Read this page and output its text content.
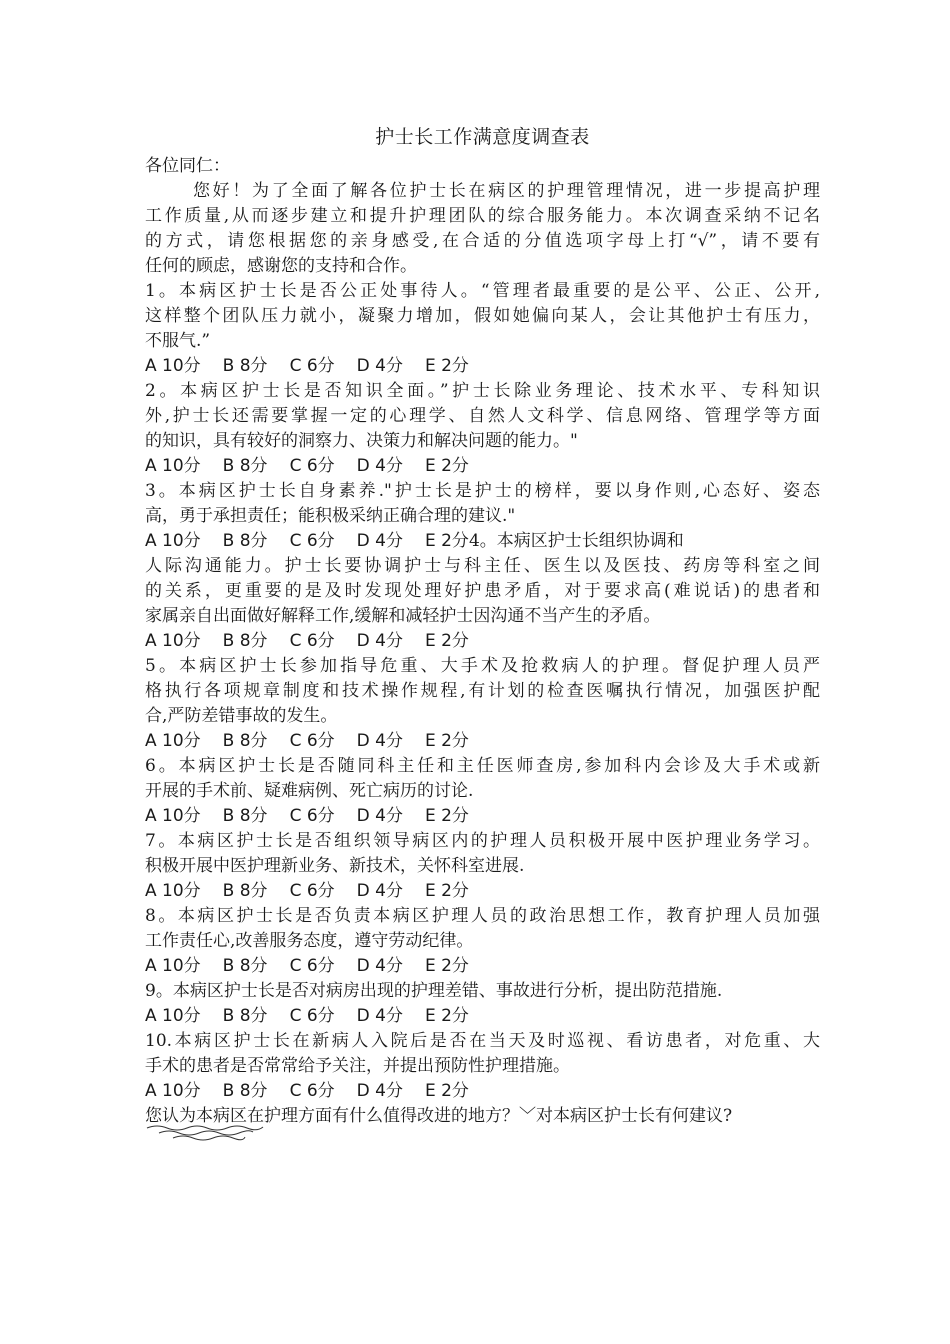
护士长工作满意度调查表
各位同仁：
您好！为了全面了解各位护士长在病区的护理管理情况，进一步提高护理
工作质量,从而逐步建立和提升护理团队的综合服务能力。本次调查采纳不记名
的方式，请您根据您的亲身感受,在合适的分值选项字母上打“√”，请不要有
任何的顾虑，感谢您的支持和合作。
1。本病区护士长是否公正处事待人。“管理者最重要的是公平、公正、公开,
这样整个团队压力就小，凝聚力增加，假如她偏向某人，会让其他护士有压力，
不服气.”
A 10分 B 8分 C 6分 D 4分 E 2分
2。本病区护士长是否知识全面。”护士长除业务理论、技术水平、专科知识
外,护士长还需要掌握一定的心理学、自然人文科学、信息网络、管理学等方面
的知识，具有较好的洞察力、决策力和解决问题的能力。"
A 10分 B 8分 C 6分 D 4分 E 2分
3。本病区护士长自身素养."护士长是护士的榜样，要以身作则,心态好、姿态
高，勇于承担责任；能积极采纳正确合理的建议."
A 10分 B 8分 C 6分 D 4分 E 2分4。本病区护士长组织协调和
人际沟通能力。护士长要协调护士与科主任、医生以及医技、药房等科室之间
的关系，更重要的是及时发现处理好护患矛盾，对于要求高(难说话)的患者和
家属亲自出面做好解释工作,缓解和减轻护士因沟通不当产生的矛盾。
A 10分 B 8分 C 6分 D 4分 E 2分
5。本病区护士长参加指导危重、大手术及抢救病人的护理。督促护理人员严
格执行各项规章制度和技术操作规程,有计划的检查医嘱执行情况，加强医护配
合,严防差错事故的发生。
A 10分 B 8分 C 6分 D 4分 E 2分
6。本病区护士长是否随同科主任和主任医师查房,参加科内会诊及大手术或新
开展的手术前、疑难病例、死亡病历的讨论.
A 10分 B 8分 C 6分 D 4分 E 2分
7。本病区护士长是否组织领导病区内的护理人员积极开展中医护理业务学习。
积极开展中医护理新业务、新技术，关怀科室进展.
A 10分 B 8分 C 6分 D 4分 E 2分
8。本病区护士长是否负责本病区护理人员的政治思想工作，教育护理人员加强
工作责任心,改善服务态度，遵守劳动纪律。
A 10分 B 8分 C 6分 D 4分 E 2分
9。本病区护士长是否对病房出现的护理差错、事故进行分析，提出防范措施.
A 10分 B 8分 C 6分 D 4分 E 2分
10.本病区护士长在新病人入院后是否在当天及时巡视、看访患者，对危重、大
手术的患者是否常常给予关注，并提出预防性护理措施。
A 10分 B 8分 C 6分 D 4分 E 2分
您认为本病区在护理方面有什么值得改进的地方？﹀对本病区护士长有何建议?
